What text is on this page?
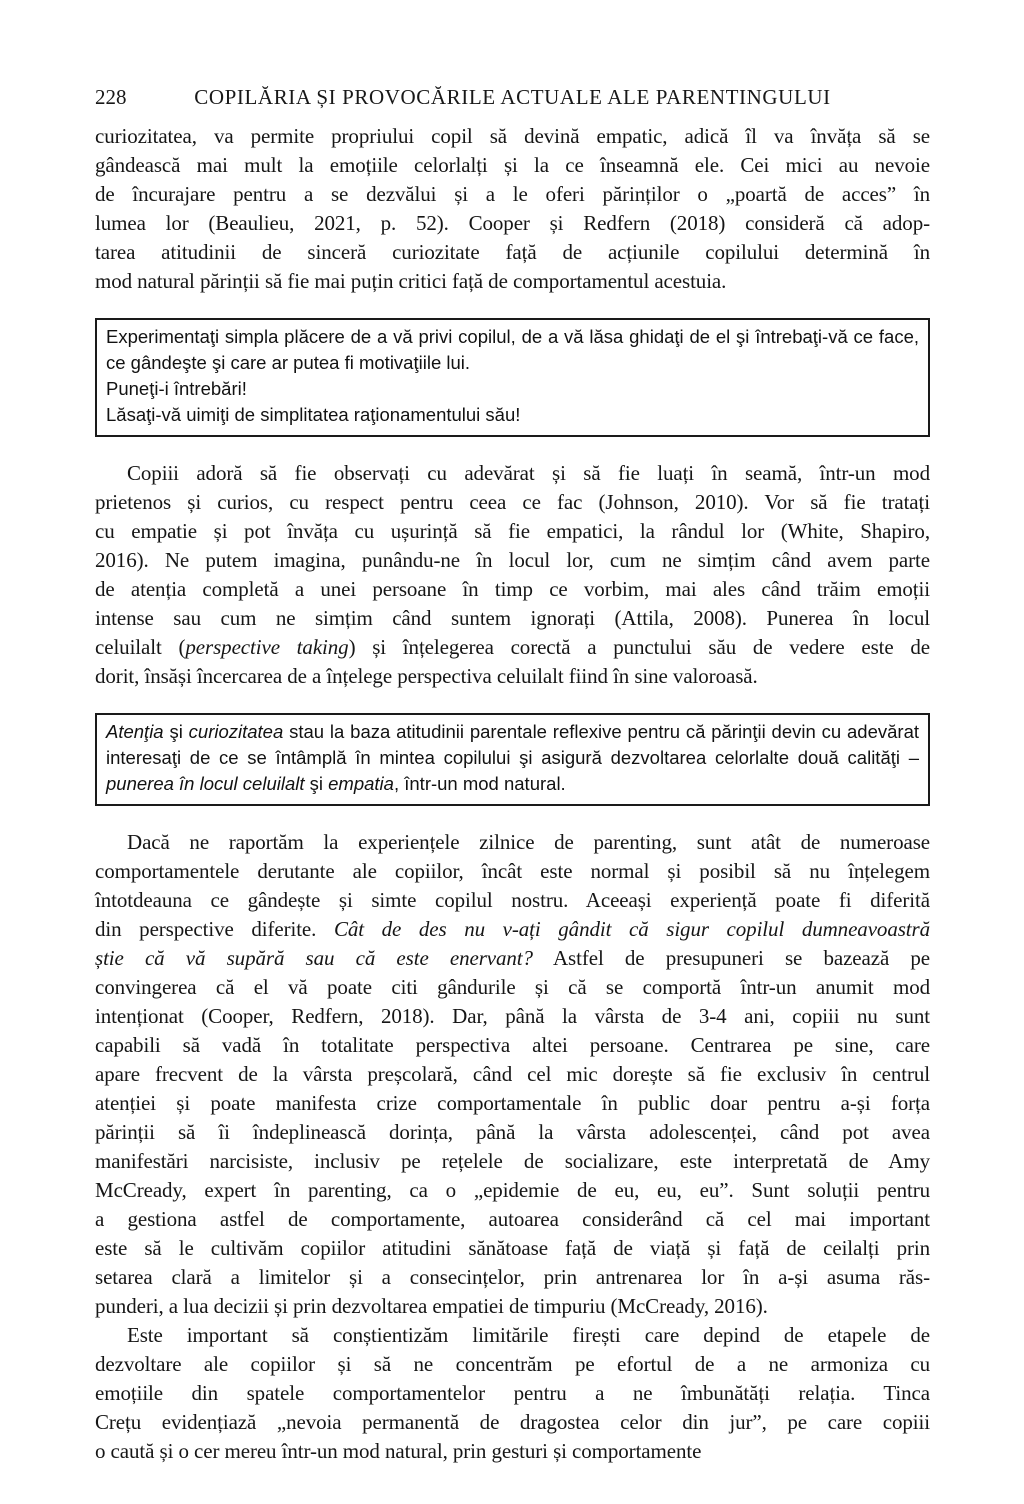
228	COPILĂRIA ȘI PROVOCĂRILE ACTUALE ALE PARENTINGULUI
curiozitatea, va permite propriului copil să devină empatic, adică îl va învăța să se
gândească mai mult la emoțiile celorlalți și la ce înseamnă ele. Cei mici au nevoie
de încurajare pentru a se dezvălui și a le oferi părinților o „poartă de acces” în
lumea lor (Beaulieu, 2021, p. 52). Cooper și Redfern (2018) consideră că adop-
tarea atitudinii de sinceră curiozitate față de acțiunile copilului determină în
mod natural părinții să fie mai puțin critici față de comportamentul acestuia.
Experimentaţi simpla plăcere de a vă privi copilul, de a vă lăsa ghidaţi de el şi întrebaţi-vă ce face, ce gândeşte şi care ar putea fi motivaţiile lui.
Puneţi-i întrebări!
Lăsaţi-vă uimiţi de simplitatea raţionamentului său!
Copiii adoră să fie observați cu adevărat și să fie luați în seamă, într-un mod
prietenos și curios, cu respect pentru ceea ce fac (Johnson, 2010). Vor să fie tratați
cu empatie și pot învăța cu ușurință să fie empatici, la rândul lor (White, Shapiro,
2016). Ne putem imagina, punându-ne în locul lor, cum ne simțim când avem parte
de atenția completă a unei persoane în timp ce vorbim, mai ales când trăim emoții
intense sau cum ne simțim când suntem ignorați (Attila, 2008). Punerea în locul
celuilalt (perspective taking) și înțelegerea corectă a punctului său de vedere este de
dorit, însăși încercarea de a înțelege perspectiva celuilalt fiind în sine valoroasă.
Atenţia şi curiozitatea stau la baza atitudinii parentale reflexive pentru că părinţii devin cu adevărat interesaţi de ce se întâmplă în mintea copilului şi asigură dezvoltarea celorlalte două calităţi – punerea în locul celuilalt şi empatia, într-un mod natural.
Dacă ne raportăm la experiențele zilnice de parenting, sunt atât de numeroase
comportamentele derutante ale copiilor, încât este normal și posibil să nu înțelegem
întotdeauna ce gândește și simte copilul nostru. Aceeași experiență poate fi diferită
din perspective diferite. Cât de des nu v-ați gândit că sigur copilul dumneavoastră
știe că vă supără sau că este enervant? Astfel de presupuneri se bazează pe
convingerea că el vă poate citi gândurile și că se comportă într-un anumit mod
intenționat (Cooper, Redfern, 2018). Dar, până la vârsta de 3-4 ani, copiii nu sunt
capabili să vadă în totalitate perspectiva altei persoane. Centrarea pe sine, care
apare frecvent de la vârsta preșcolară, când cel mic dorește să fie exclusiv în centrul
atenției și poate manifesta crize comportamentale în public doar pentru a-și forța
părinții să îi îndeplinească dorința, până la vârsta adolescenței, când pot avea
manifestări narcisiste, inclusiv pe rețelele de socializare, este interpretată de Amy
McCready, expert în parenting, ca o „epidemie de eu, eu, eu”. Sunt soluții pentru
a gestiona astfel de comportamente, autoarea considerând că cel mai important
este să le cultivăm copiilor atitudini sănătoase față de viață și față de ceilalți prin
setarea clară a limitelor și a consecințelor, prin antrenarea lor în a-și asuma răs-
punderi, a lua decizii și prin dezvoltarea empatiei de timpuriu (McCready, 2016).
Este important să conștientizăm limitările firești care depind de etapele de
dezvoltare ale copiilor și să ne concentrăm pe efortul de a ne armoniza cu
emoțiile din spatele comportamentelor pentru a ne îmbunătăți relația. Tinca
Crețu evidențiază „nevoia permanentă de dragostea celor din jur”, pe care copiii
o caută și o cer mereu într-un mod natural, prin gesturi și comportamente
